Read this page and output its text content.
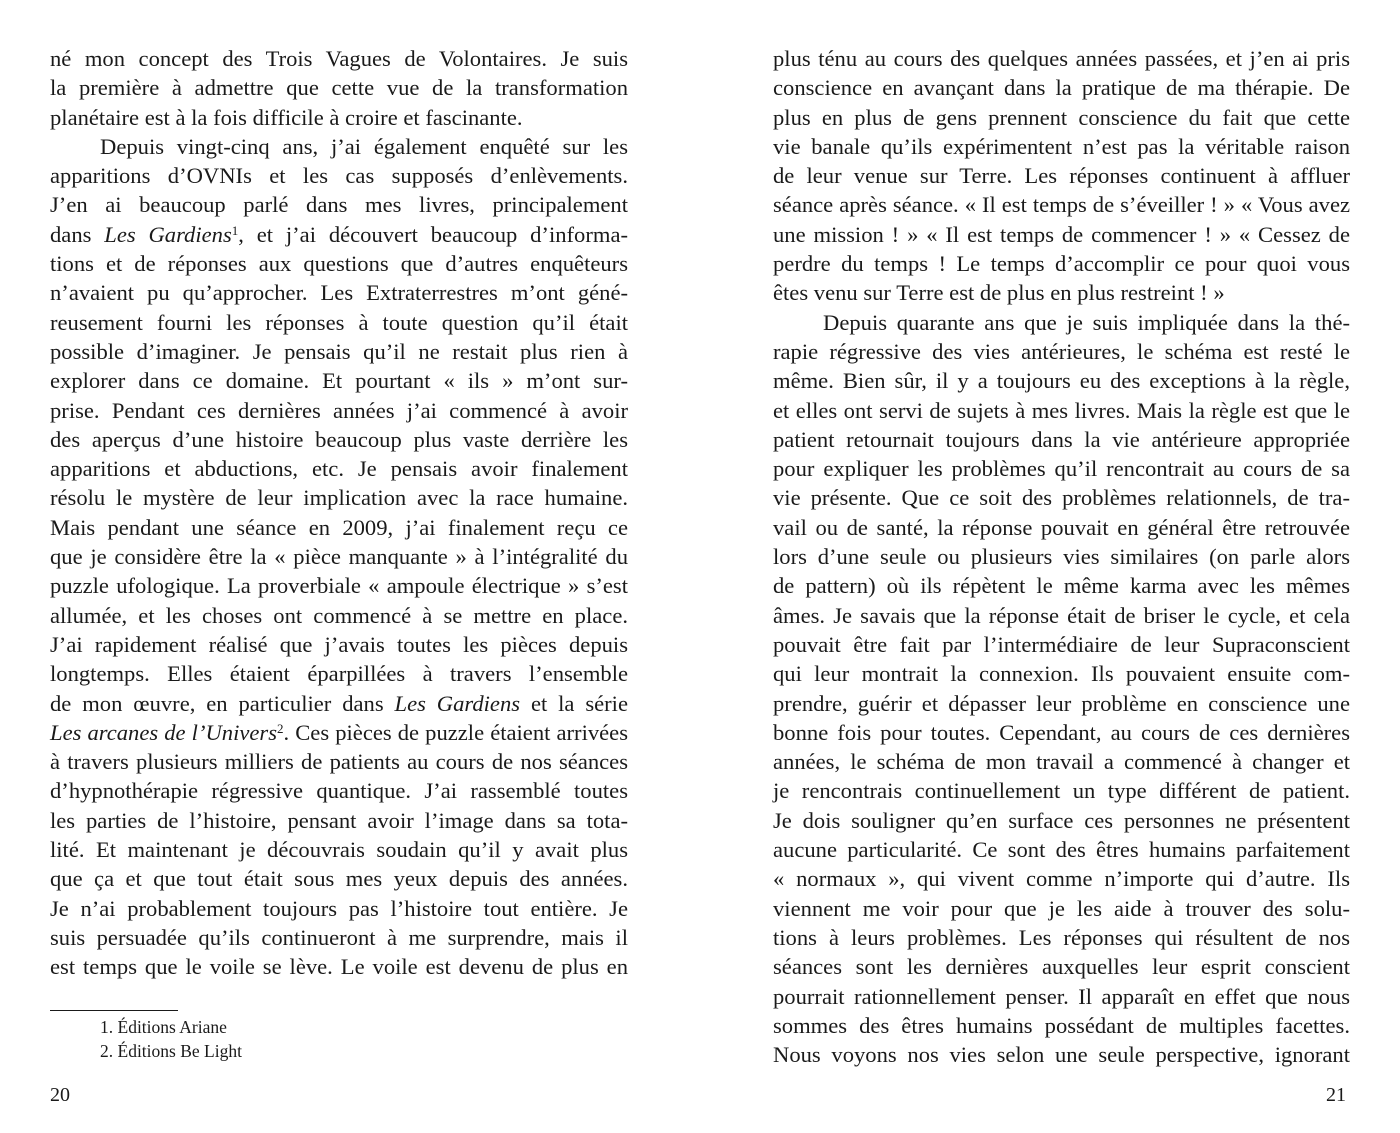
né mon concept des Trois Vagues de Volontaires. Je suis
la première à admettre que cette vue de la transformation
planétaire est à la fois difficile à croire et fascinante.
Depuis vingt-cinq ans, j’ai également enquêté sur les
apparitions d’OVNIs et les cas supposés d’enlèvements.
J’en ai beaucoup parlé dans mes livres, principalement
dans Les Gardiens$^1$, et j’ai découvert beaucoup d’informa-
tions et de réponses aux questions que d’autres enquêteurs
n’avaient pu qu’approcher. Les Extraterrestres m’ont géné-
reusement fourni les réponses à toute question qu’il était
possible d’imaginer. Je pensais qu’il ne restait plus rien à
explorer dans ce domaine. Et pourtant « ils » m’ont sur-
prise. Pendant ces dernières années j’ai commencé à avoir
des aperçus d’une histoire beaucoup plus vaste derrière les
apparitions et abductions, etc. Je pensais avoir finalement
résolu le mystère de leur implication avec la race humaine.
Mais pendant une séance en 2009, j’ai finalement reçu ce
que je considère être la « pièce manquante » à l’intégralité du
puzzle ufologique. La proverbiale « ampoule électrique » s’est
allumée, et les choses ont commencé à se mettre en place.
J’ai rapidement réalisé que j’avais toutes les pièces depuis
longtemps. Elles étaient éparpillées à travers l’ensemble
de mon œuvre, en particulier dans Les Gardiens et la série
Les arcanes de l’Univers$^2$. Ces pièces de puzzle étaient arrivées
à travers plusieurs milliers de patients au cours de nos séances
d’hypnothérapie régressive quantique. J’ai rassemblé toutes
les parties de l’histoire, pensant avoir l’image dans sa tota-
lité. Et maintenant je découvrais soudain qu’il y avait plus
que ça et que tout était sous mes yeux depuis des années.
Je n’ai probablement toujours pas l’histoire tout entière. Je
suis persuadée qu’ils continueront à me surprendre, mais il
est temps que le voile se lève. Le voile est devenu de plus en
plus ténu au cours des quelques années passées, et j’en ai pris
conscience en avançant dans la pratique de ma thérapie. De
plus en plus de gens prennent conscience du fait que cette
vie banale qu’ils expérimentent n’est pas la véritable raison
de leur venue sur Terre. Les réponses continuent à affluer
séance après séance. « Il est temps de s’éveiller ! » « Vous avez
une mission ! » « Il est temps de commencer ! » « Cessez de
perdre du temps ! Le temps d’accomplir ce pour quoi vous
êtes venu sur Terre est de plus en plus restreint ! »
Depuis quarante ans que je suis impliquée dans la thé-
rapie régressive des vies antérieures, le schéma est resté le
même. Bien sûr, il y a toujours eu des exceptions à la règle,
et elles ont servi de sujets à mes livres. Mais la règle est que le
patient retournait toujours dans la vie antérieure appropriée
pour expliquer les problèmes qu’il rencontrait au cours de sa
vie présente. Que ce soit des problèmes relationnels, de tra-
vail ou de santé, la réponse pouvait en général être retrouvée
lors d’une seule ou plusieurs vies similaires (on parle alors
de pattern) où ils répètent le même karma avec les mêmes
âmes. Je savais que la réponse était de briser le cycle, et cela
pouvait être fait par l’intermédiaire de leur Supraconscient
qui leur montrait la connexion. Ils pouvaient ensuite com-
prendre, guérir et dépasser leur problème en conscience une
bonne fois pour toutes. Cependant, au cours de ces dernières
années, le schéma de mon travail a commencé à changer et
je rencontrais continuellement un type différent de patient.
Je dois souligner qu’en surface ces personnes ne présentent
aucune particularité. Ce sont des êtres humains parfaitement
« normaux », qui vivent comme n’importe qui d’autre. Ils
viennent me voir pour que je les aide à trouver des solu-
tions à leurs problèmes. Les réponses qui résultent de nos
séances sont les dernières auxquelles leur esprit conscient
pourrait rationnellement penser. Il apparaît en effet que nous
sommes des êtres humains possédant de multiples facettes.
Nous voyons nos vies selon une seule perspective, ignorant
1. Éditions Ariane
2. Éditions Be Light
20	21
